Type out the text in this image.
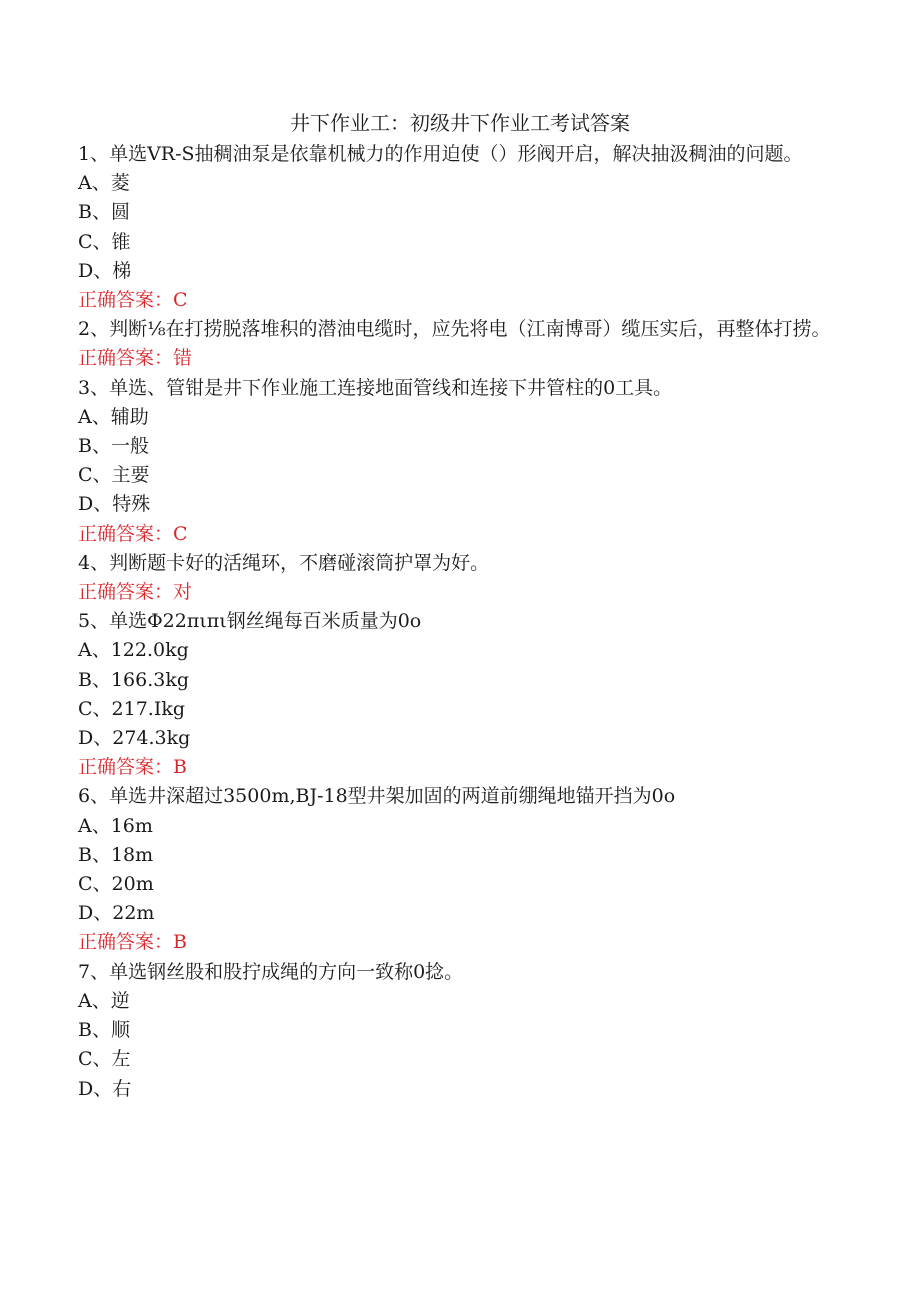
井下作业工：初级井下作业工考试答案
1、单选VR-S抽稠油泵是依靠机械力的作用迫使（）形阀开启，解决抽汲稠油的问题。
A、菱
B、圆
C、锥
D、梯
正确答案：C
2、判断⅛在打捞脱落堆积的潜油电缆时，应先将电（江南博哥）缆压实后，再整体打捞。
正确答案：错
3、单选、管钳是井下作业施工连接地面管线和连接下井管柱的0工具。
A、辅助
B、一般
C、主要
D、特殊
正确答案：C
4、判断题卡好的活绳环，不磨碰滚筒护罩为好。
正确答案：对
5、单选Φ22πιπι钢丝绳每百米质量为0o
A、122.0kg
B、166.3kg
C、217.Ikg
D、274.3kg
正确答案：B
6、单选井深超过3500m,BJ-18型井架加固的两道前绷绳地锚开挡为0o
A、16m
B、18m
C、20m
D、22m
正确答案：B
7、单选钢丝股和股拧成绳的方向一致称0捻。
A、逆
B、顺
C、左
D、右
